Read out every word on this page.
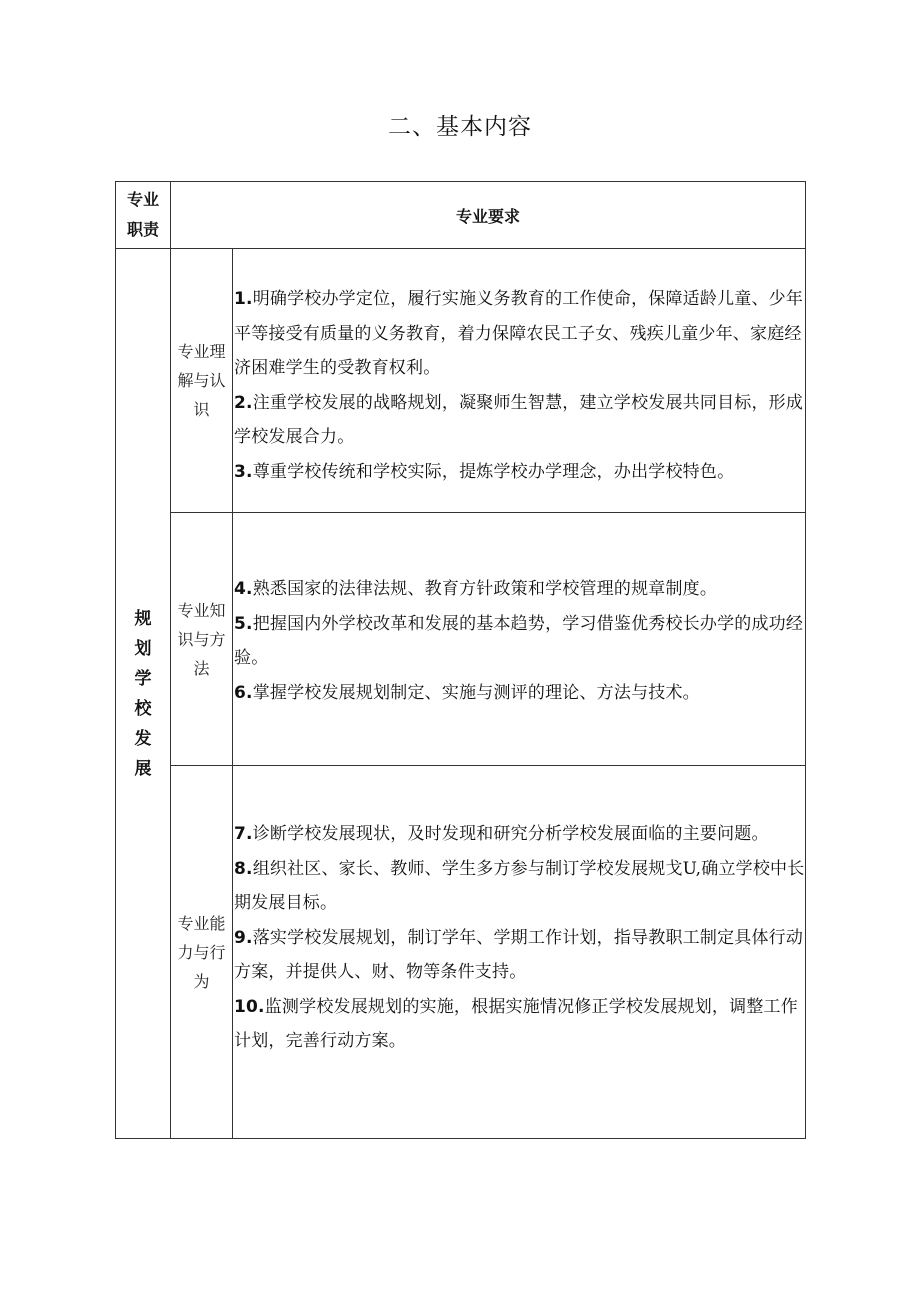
二、基本内容
专业
职责
专业要求
规划学校发展
专业理
解与认
识

1.明确学校办学定位，履行实施义务教育的工作使命，保障适龄儿童、少年平等接受有质量的义务教育，着力保障农民工子女、残疾儿童少年、家庭经济困难学生的受教育权利。

2.注重学校发展的战略规划，凝聚师生智慧，建立学校发展共同目标，形成学校发展合力。

3.尊重学校传统和学校实际，提炼学校办学理念，办出学校特色。

专业知
识与方
法

4.熟悉国家的法律法规、教育方针政策和学校管理的规章制度。

5.把握国内外学校改革和发展的基本趋势，学习借鉴优秀校长办学的成功经验。

6.掌握学校发展规划制定、实施与测评的理论、方法与技术。

专业能
力与行
为

7.诊断学校发展现状，及时发现和研究分析学校发展面临的主要问题。

8.组织社区、家长、教师、学生多方参与制订学校发展规戈U,确立学校中长期发展目标。

9.落实学校发展规划，制订学年、学期工作计划，指导教职工制定具体行动方案，并提供人、财、物等条件支持。

10.监测学校发展规划的实施，根据实施情况修正学校发展规划，调整工作计划，完善行动方案。
